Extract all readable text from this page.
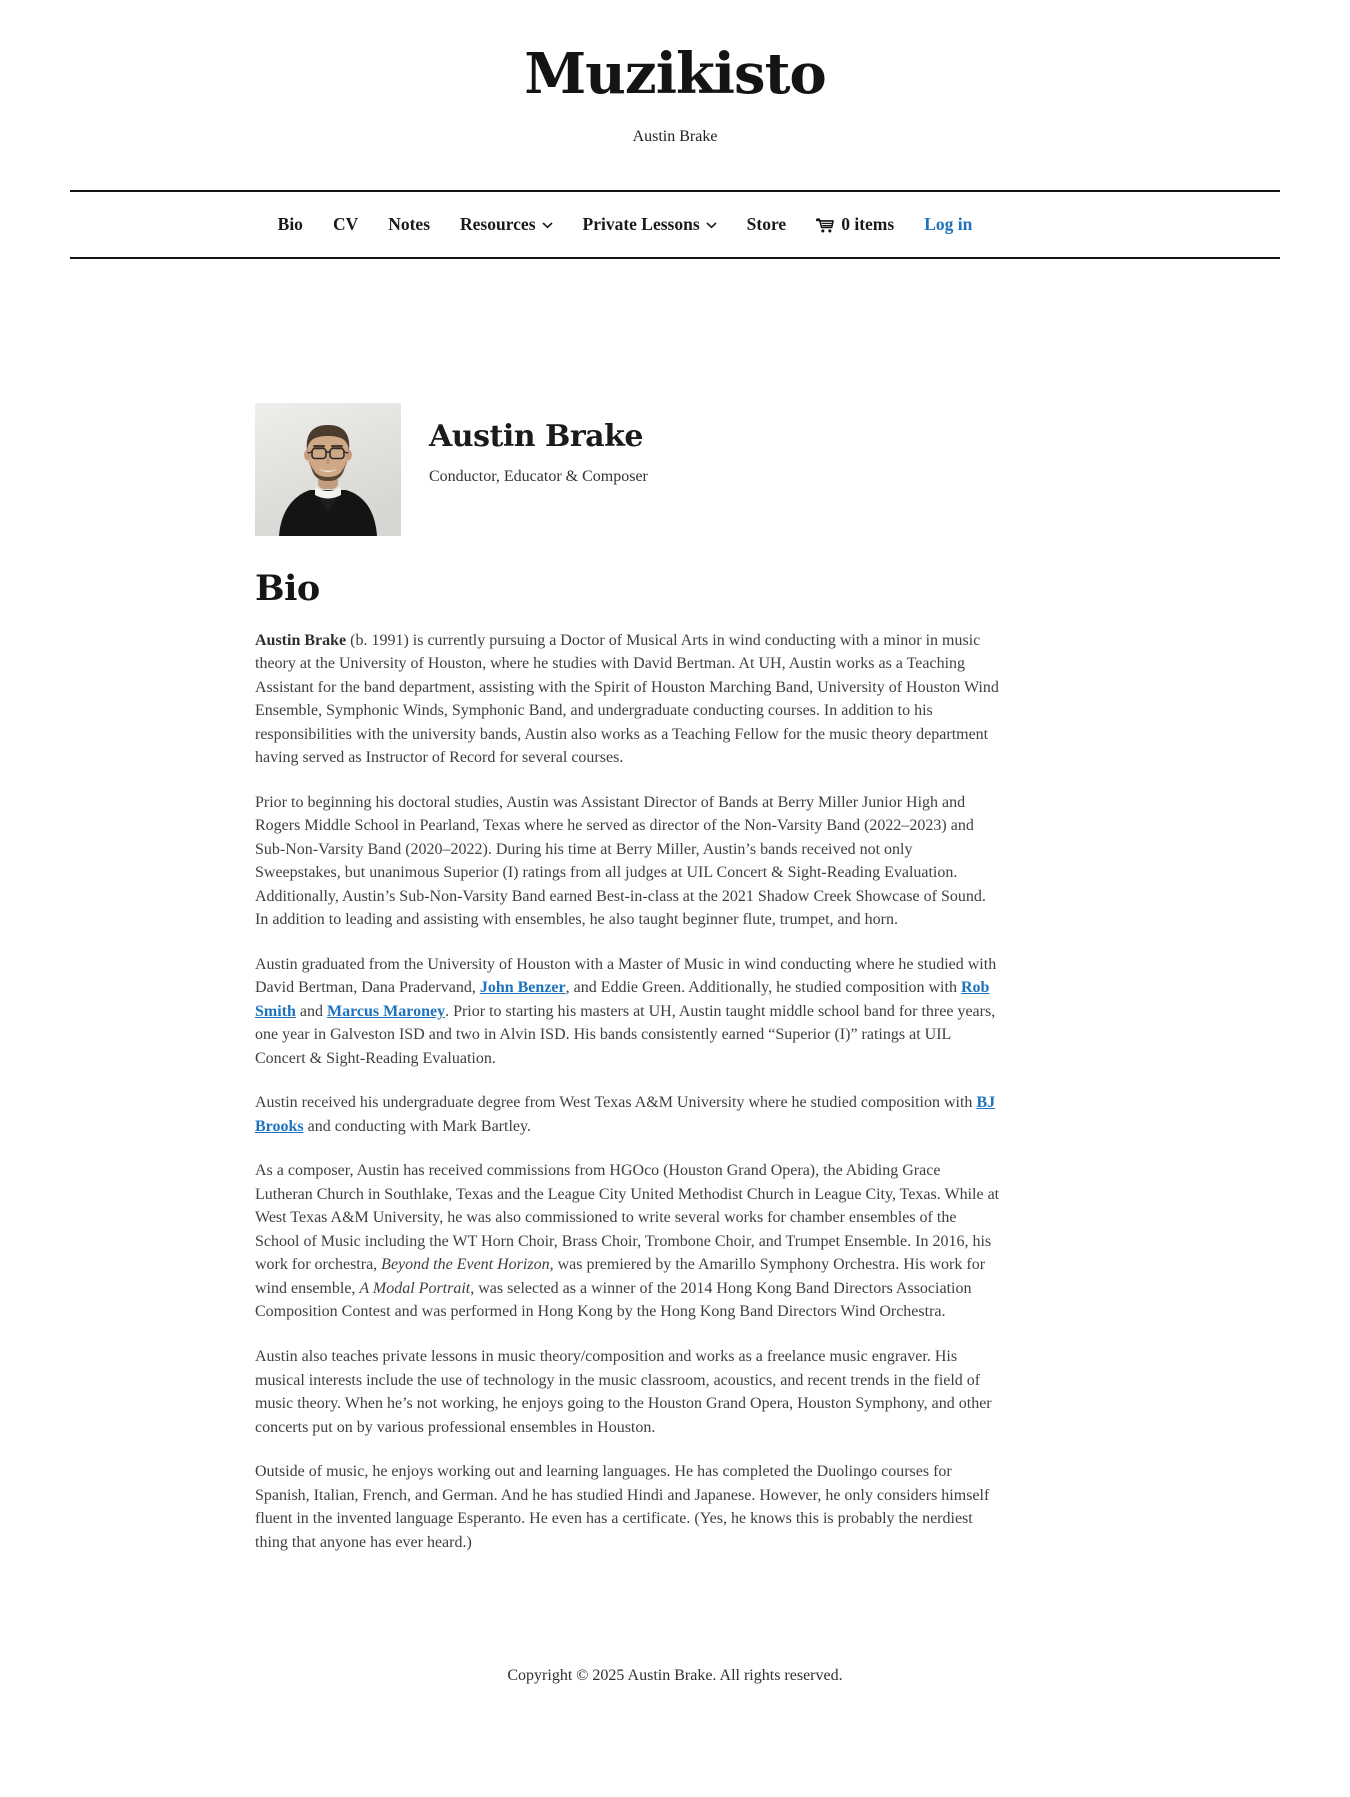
Muzikisto

Austin Brake

Bio CV Notes Resources	Private Lessons	Store	0 items Log in
Austin Brake

Conductor, Educator & Composer

Bio

Austin Brake (b. 1991) is currently pursuing a Doctor of Musical Arts in wind conducting with a minor in music theory at the University of Houston, where he studies with David Bertman. At UH, Austin works as a Teaching Assistant for the band department, assisting with the Spirit of Houston Marching Band, University of Houston Wind Ensemble, Symphonic Winds, Symphonic Band, and undergraduate conducting courses. In addition to his responsibilities with the university bands, Austin also works as a Teaching Fellow for the music theory department having served as Instructor of Record for several courses.

Prior to beginning his doctoral studies, Austin was Assistant Director of Bands at Berry Miller Junior High and Rogers Middle School in Pearland, Texas where he served as director of the Non-Varsity Band (2022–2023) and Sub-Non-Varsity Band (2020–2022). During his time at Berry Miller, Austin’s bands received not only Sweepstakes, but unanimous Superior (I) ratings from all judges at UIL Concert & Sight-Reading Evaluation. Additionally, Austin’s Sub-Non-Varsity Band earned Best-in-class at the 2021 Shadow Creek Showcase of Sound. In addition to leading and assisting with ensembles, he also taught beginner flute, trumpet, and horn.

Austin graduated from the University of Houston with a Master of Music in wind conducting where he studied with David Bertman, Dana Pradervand, John Benzer, and Eddie Green. Additionally, he studied composition with Rob Smith and Marcus Maroney. Prior to starting his masters at UH, Austin taught middle school band for three years, one year in Galveston ISD and two in Alvin ISD. His bands consistently earned “Superior (I)” ratings at UIL Concert & Sight-Reading Evaluation.

Austin received his undergraduate degree from West Texas A&M University where he studied composition with BJ Brooks and conducting with Mark Bartley.

As a composer, Austin has received commissions from HGOco (Houston Grand Opera), the Abiding Grace Lutheran Church in Southlake, Texas and the League City United Methodist Church in League City, Texas. While at West Texas A&M University, he was also commissioned to write several works for chamber ensembles of the School of Music including the WT Horn Choir, Brass Choir, Trombone Choir, and Trumpet Ensemble. In 2016, his work for orchestra, Beyond the Event Horizon, was premiered by the Amarillo Symphony Orchestra. His work for wind ensemble, A Modal Portrait, was selected as a winner of the 2014 Hong Kong Band Directors Association Composition Contest and was performed in Hong Kong by the Hong Kong Band Directors Wind Orchestra.

Austin also teaches private lessons in music theory/composition and works as a freelance music engraver. His musical interests include the use of technology in the music classroom, acoustics, and recent trends in the field of music theory. When he’s not working, he enjoys going to the Houston Grand Opera, Houston Symphony, and other concerts put on by various professional ensembles in Houston.

Outside of music, he enjoys working out and learning languages. He has completed the Duolingo courses for Spanish, Italian, French, and German. And he has studied Hindi and Japanese. However, he only considers himself fluent in the invented language Esperanto. He even has a certificate. (Yes, he knows this is probably the nerdiest thing that anyone has ever heard.)

Copyright © 2025 Austin Brake. All rights reserved.
